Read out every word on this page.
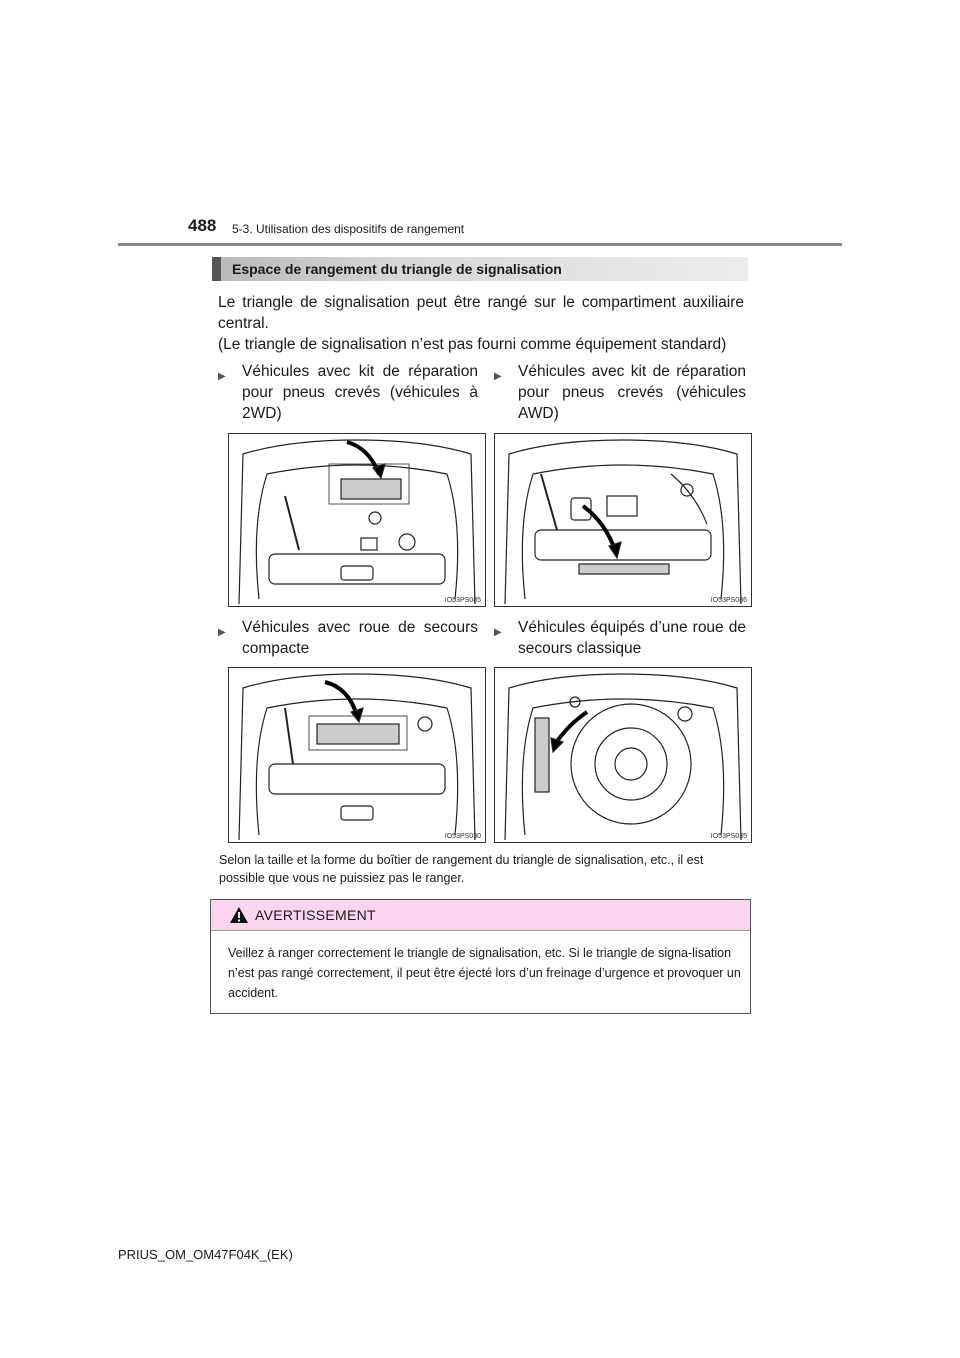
488 5-3. Utilisation des dispositifs de rangement
Espace de rangement du triangle de signalisation

Le triangle de signalisation peut être rangé sur le compartiment auxiliaire

central.

(Le triangle de signalisation n’est pas fourni comme équipement standard)

▶ Véhicules avec kit de réparation pour pneus crevés (véhicules à 2WD)
▶ Véhicules avec kit de réparation pour pneus crevés (véhicules AWD)
▶ Véhicules avec roue de secours compacte
▶ Véhicules équipés d’une roue de secours classique
IO53PS085	IO53PS086
IO53PS030	IO53PS035
Selon la taille et la forme du boîtier de rangement du triangle de signalisation, etc., il est possible que vous ne puissiez pas le ranger.
AVERTISSEMENT
Veillez à ranger correctement le triangle de signalisation, etc. Si le triangle de signa-lisation n’est pas rangé correctement, il peut être éjecté lors d’un freinage d’urgence et provoquer un accident.
PRIUS_OM_OM47F04K_(EK)
